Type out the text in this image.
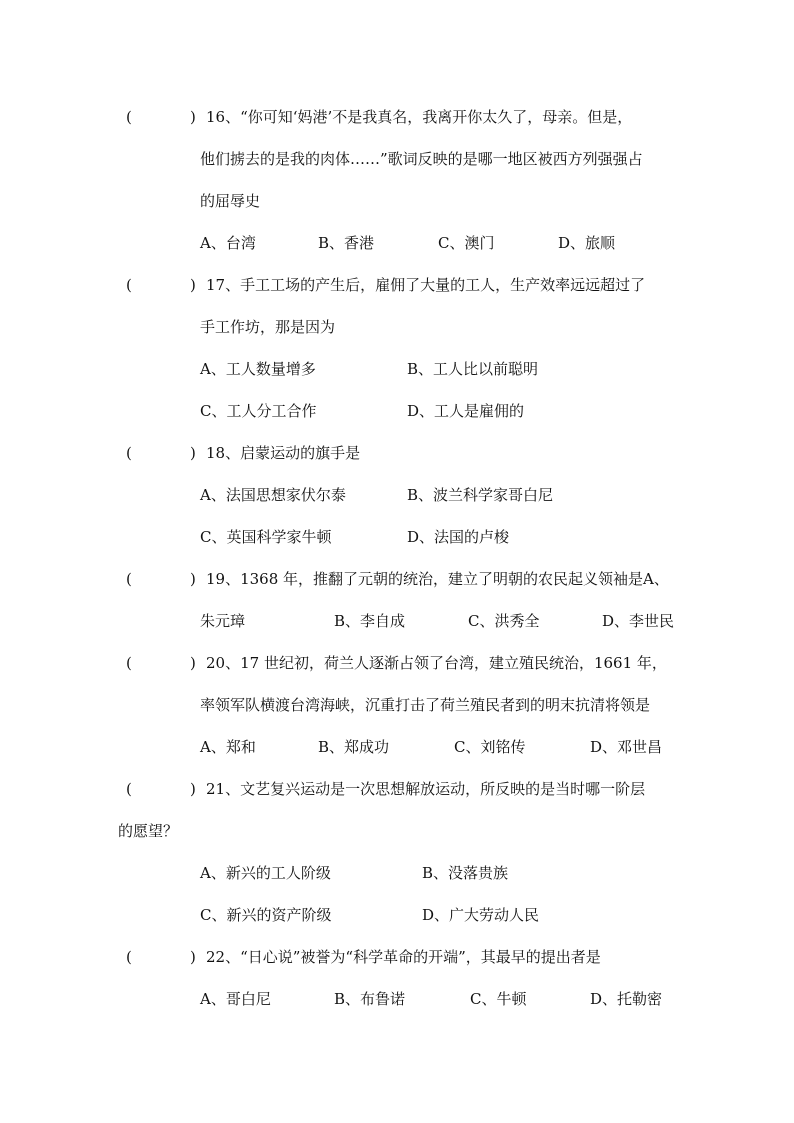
(	) 16、“你可知‘妈港’不是我真名，我离开你太久了，母亲。但是，
他们掳去的是我的肉体……”歌词反映的是哪一地区被西方列强强占
的屈辱史
A、台湾	B、香港	C、澳门	D、旅顺
(	) 17、手工工场的产生后，雇佣了大量的工人，生产效率远远超过了
手工作坊，那是因为
A、工人数量增多	B、工人比以前聪明
C、工人分工合作	D、工人是雇佣的
(	) 18、启蒙运动的旗手是
A、法国思想家伏尔泰	B、波兰科学家哥白尼
C、英国科学家牛顿	D、法国的卢梭
(	) 19、1368 年，推翻了元朝的统治，建立了明朝的农民起义领袖是A、
朱元璋	B、李自成	C、洪秀全	D、李世民
(	) 20、17 世纪初，荷兰人逐渐占领了台湾，建立殖民统治，1661 年，
率领军队横渡台湾海峡，沉重打击了荷兰殖民者到的明末抗清将领是
A、郑和	B、郑成功	C、刘铭传	D、邓世昌
(	) 21、文艺复兴运动是一次思想解放运动，所反映的是当时哪一阶层
的愿望？
A、新兴的工人阶级	B、没落贵族
C、新兴的资产阶级	D、广大劳动人民
(	) 22、“日心说”被誉为“科学革命的开端”，其最早的提出者是
A、哥白尼	B、布鲁诺	C、牛顿	D、托勒密
